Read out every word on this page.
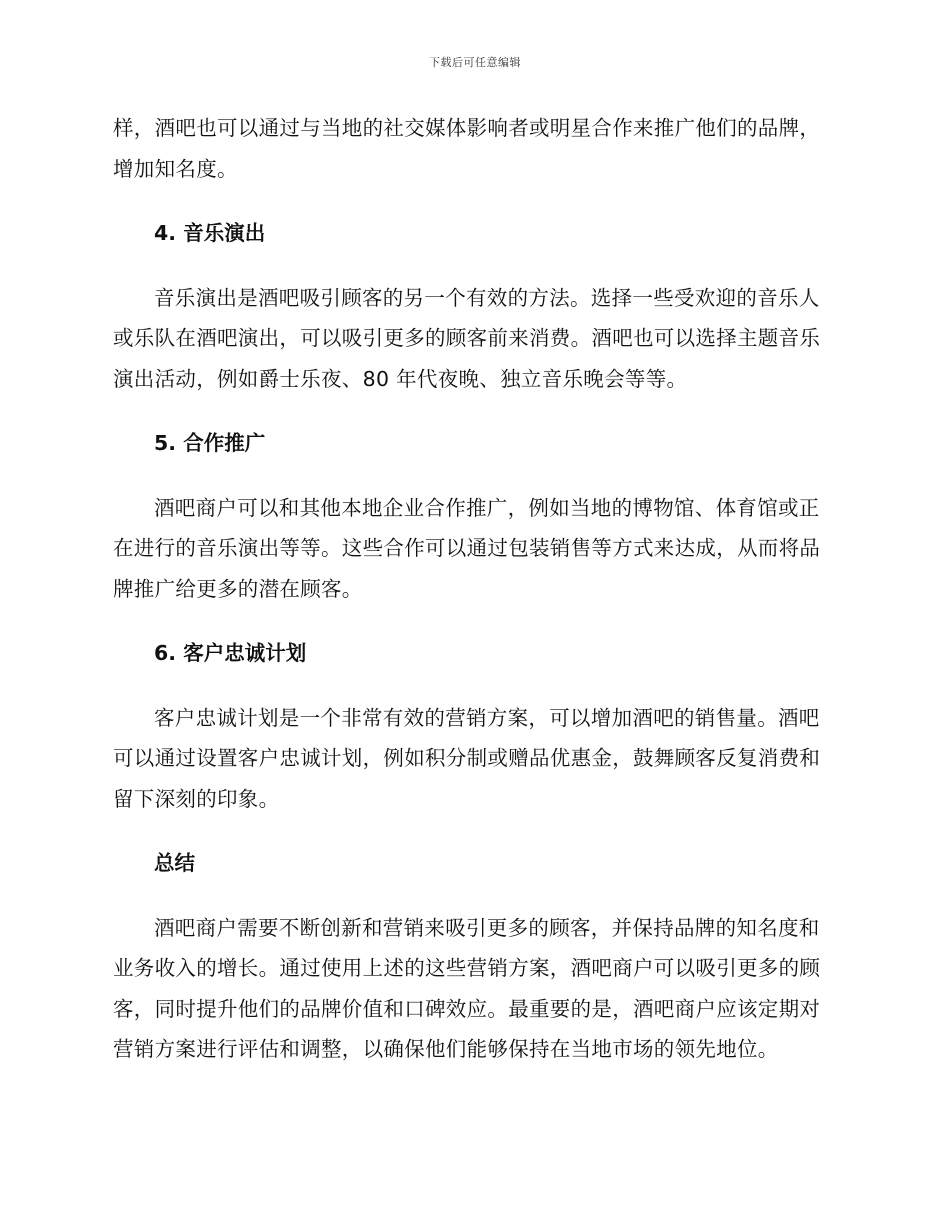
下载后可任意编辑

样，酒吧也可以通过与当地的社交媒体影响者或明星合作来推广他们的品牌，增加知名度。

4. 音乐演出

音乐演出是酒吧吸引顾客的另一个有效的方法。选择一些受欢迎的音乐人或乐队在酒吧演出，可以吸引更多的顾客前来消费。酒吧也可以选择主题音乐演出活动，例如爵士乐夜、80 年代夜晚、独立音乐晚会等等。

5. 合作推广

酒吧商户可以和其他本地企业合作推广，例如当地的博物馆、体育馆或正在进行的音乐演出等等。这些合作可以通过包装销售等方式来达成，从而将品牌推广给更多的潜在顾客。

6. 客户忠诚计划

客户忠诚计划是一个非常有效的营销方案，可以增加酒吧的销售量。酒吧可以通过设置客户忠诚计划，例如积分制或赠品优惠金，鼓舞顾客反复消费和留下深刻的印象。

总结

酒吧商户需要不断创新和营销来吸引更多的顾客，并保持品牌的知名度和业务收入的增长。通过使用上述的这些营销方案，酒吧商户可以吸引更多的顾客，同时提升他们的品牌价值和口碑效应。最重要的是，酒吧商户应该定期对营销方案进行评估和调整，以确保他们能够保持在当地市场的领先地位。
